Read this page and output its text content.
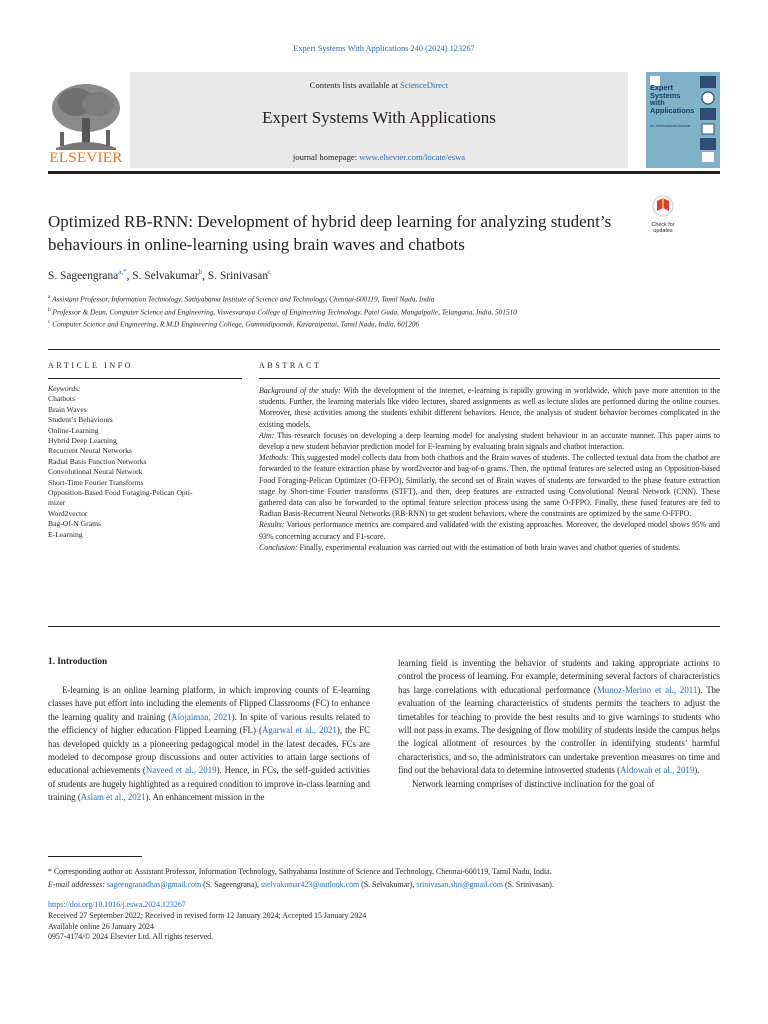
Expert Systems With Applications 240 (2024) 123267
ELSEVIER
Contents lists available at ScienceDirect
Expert Systems With Applications
journal homepage: www.elsevier.com/locate/eswa
Expert Systems with Applications
An International Journal
Optimized RB-RNN: Development of hybrid deep learning for analyzing student’s behaviours in online-learning using brain waves and chatbots
Check for updates
S. Sageengrana$^{a,*}$, S. Selvakumar$^b$, S. Srinivasan$^c$
$^a$ Assistant Professor, Information Technology, Sathyabama Institute of Science and Technology, Chennai-600119, Tamil Nadu, India
$^b$ Professor & Dean, Computer Science and Engineering, Visvesvaraya College of Engineering Technology, Patel Guda, Mangalpalle, Telangana, India, 501510
$^c$ Computer Science and Engineering, R.M.D Engineering College, Gummidipoondi, Kavaraipettai, Tamil Nadu, India, 601206
ARTICLE INFO	ABSTRACT
Keywords:
Chatbots
Brain Waves
Student’s Behaviours
Online-Learning
Hybrid Deep Learning
Recurrent Neural Networks
Radial Basis Function Networks
Convolutional Neural Network
Short-Time Fourier Transforms
Opposition-Based Food Foraging-Pelican Opti-
mizer
Word2vector
Bag-Of-N Grams
E-Learning

Background of the study: With the development of the internet, e-learning is rapidly growing in worldwide, which pave more attention to the students. Further, the learning materials like video lectures, shared assignments as well as lecture slides are performed during the online courses. Moreover, these activities among the students exhibit different behaviors. Hence, the analysis of student behavior becomes complicated in the existing models.

Aim: This research focuses on developing a deep learning model for analysing student behaviour in an accurate manner. This paper aims to develop a new student behavior prediction model for E-learning by evaluating brain signals and chatbot interaction.

Methods: This suggested model collects data from both chatbots and the Brain waves of students. The collected textual data from the chatbot are forwarded to the feature extraction phase by word2vector and bag-of-n grams. Then, the optimal features are selected using an Opposition-based Food Foraging-Pelican Optimizer (O-FFPO). Similarly, the second set of Brain waves of students are forwarded to the phase feature extraction stage by Short-time Fourier transforms (STFT), and then, deep features are extracted using Convolutional Neural Network (CNN). These gathered data can also be forwarded to the optimal feature selection process using the same O-FFPO. Finally, these fused features are fed to Radian Basis-Recurrent Neural Networks (RB-RNN) to get student behaviors, where the constraints are optimized by the same O-FFPO.

Results: Various performance metrics are compared and validated with the existing approaches. Moreover, the developed model shows 95% and 93% concerning accuracy and F1-score.

Conclusion: Finally, experimental evaluation was carried out with the estimation of both brain waves and chatbot queries of students.

1. Introduction

E-learning is an online learning platform, in which improving counts of E-learning classes have put effort into including the elements of Flipped Classrooms (FC) to enhance the learning quality and training (Alojaiman, 2021). In spite of various results related to the efficiency of higher education Flipped Learning (FL) (Agarwal et al., 2021), the FC has developed quickly as a pioneering pedagogical model in the latest decades. FCs are modeled to decompose group discussions and outer activities to attain large sections of educational achievements (Naveed et al., 2019). Hence, in FCs, the self-guided activities of students are hugely highlighted as a required condition to improve in-class learning and training (Aslam et al., 2021). An enhancement mission in the

learning field is inventing the behavior of students and taking appropriate actions to control the process of learning. For example, determining several factors of characteristics has large correlations with educational performance (Munoz-Merino et al., 2011). The evaluation of the learning characteristics of students permits the teachers to adjust the timetables for teaching to provide the best results and to give warnings to students who will not pass in exams. The designing of flow mobility of students inside the campus helps the logical allotment of resources by the controller in identifying students’ harmful characteristics, and so, the administrators can undertake prevention measures on time and find out the behavioral data to determine introverted students (Aldowah et al., 2019).

Network learning comprises of distinctive inclination for the goal of

* Corresponding author at: Assistant Professor, Information Technology, Sathyabama Institute of Science and Technology, Chennai-600119, Tamil Nadu, India.

E-mail addresses: sageengranadhas@gmail.com (S. Sageengrana), sselvakumar423@outlook.com (S. Selvakumar), srinivasan.shri@gmail.com (S. Srinivasan).

https://doi.org/10.1016/j.eswa.2024.123267

Received 27 September 2022; Received in revised form 12 January 2024; Accepted 15 January 2024

Available online 26 January 2024

0957-4174/© 2024 Elsevier Ltd. All rights reserved.
